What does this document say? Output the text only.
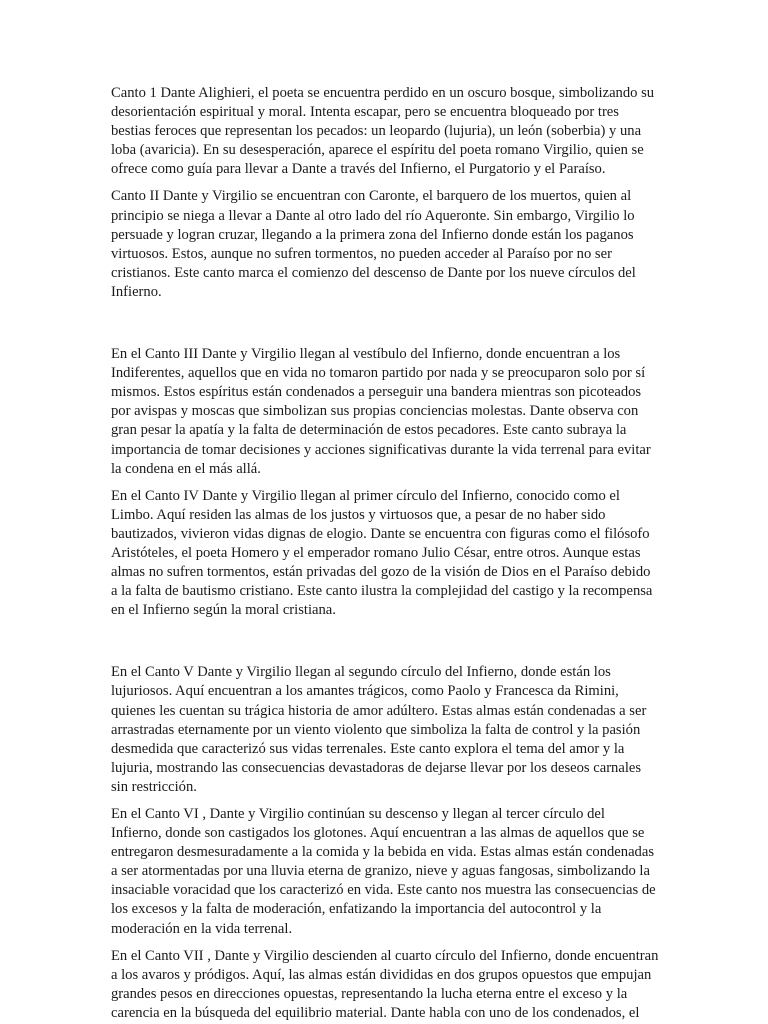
Canto 1 Dante Alighieri, el poeta se encuentra perdido en un oscuro bosque, simbolizando su desorientación espiritual y moral. Intenta escapar, pero se encuentra bloqueado por tres bestias feroces que representan los pecados: un leopardo (lujuria), un león (soberbia) y una loba (avaricia). En su desesperación, aparece el espíritu del poeta romano Virgilio, quien se ofrece como guía para llevar a Dante a través del Infierno, el Purgatorio y el Paraíso.

Canto II Dante y Virgilio se encuentran con Caronte, el barquero de los muertos, quien al principio se niega a llevar a Dante al otro lado del río Aqueronte. Sin embargo, Virgilio lo persuade y logran cruzar, llegando a la primera zona del Infierno donde están los paganos virtuosos. Estos, aunque no sufren tormentos, no pueden acceder al Paraíso por no ser cristianos. Este canto marca el comienzo del descenso de Dante por los nueve círculos del Infierno.

En el Canto III Dante y Virgilio llegan al vestíbulo del Infierno, donde encuentran a los Indiferentes, aquellos que en vida no tomaron partido por nada y se preocuparon solo por sí mismos. Estos espíritus están condenados a perseguir una bandera mientras son picoteados por avispas y moscas que simbolizan sus propias conciencias molestas. Dante observa con gran pesar la apatía y la falta de determinación de estos pecadores. Este canto subraya la importancia de tomar decisiones y acciones significativas durante la vida terrenal para evitar la condena en el más allá.

En el Canto IV Dante y Virgilio llegan al primer círculo del Infierno, conocido como el Limbo. Aquí residen las almas de los justos y virtuosos que, a pesar de no haber sido bautizados, vivieron vidas dignas de elogio. Dante se encuentra con figuras como el filósofo Aristóteles, el poeta Homero y el emperador romano Julio César, entre otros. Aunque estas almas no sufren tormentos, están privadas del gozo de la visión de Dios en el Paraíso debido a la falta de bautismo cristiano. Este canto ilustra la complejidad del castigo y la recompensa en el Infierno según la moral cristiana.

En el Canto V Dante y Virgilio llegan al segundo círculo del Infierno, donde están los lujuriosos. Aquí encuentran a los amantes trágicos, como Paolo y Francesca da Rimini, quienes les cuentan su trágica historia de amor adúltero. Estas almas están condenadas a ser arrastradas eternamente por un viento violento que simboliza la falta de control y la pasión desmedida que caracterizó sus vidas terrenales. Este canto explora el tema del amor y la lujuria, mostrando las consecuencias devastadoras de dejarse llevar por los deseos carnales sin restricción.

En el Canto VI , Dante y Virgilio continúan su descenso y llegan al tercer círculo del Infierno, donde son castigados los glotones. Aquí encuentran a las almas de aquellos que se entregaron desmesuradamente a la comida y la bebida en vida. Estas almas están condenadas a ser atormentadas por una lluvia eterna de granizo, nieve y aguas fangosas, simbolizando la insaciable voracidad que los caracterizó en vida. Este canto nos muestra las consecuencias de los excesos y la falta de moderación, enfatizando la importancia del autocontrol y la moderación en la vida terrenal.

En el Canto VII , Dante y Virgilio descienden al cuarto círculo del Infierno, donde encuentran a los avaros y pródigos. Aquí, las almas están divididas en dos grupos opuestos que empujan grandes pesos en direcciones opuestas, representando la lucha eterna entre el exceso y la carencia en la búsqueda del equilibrio material. Dante habla con uno de los condenados, el
